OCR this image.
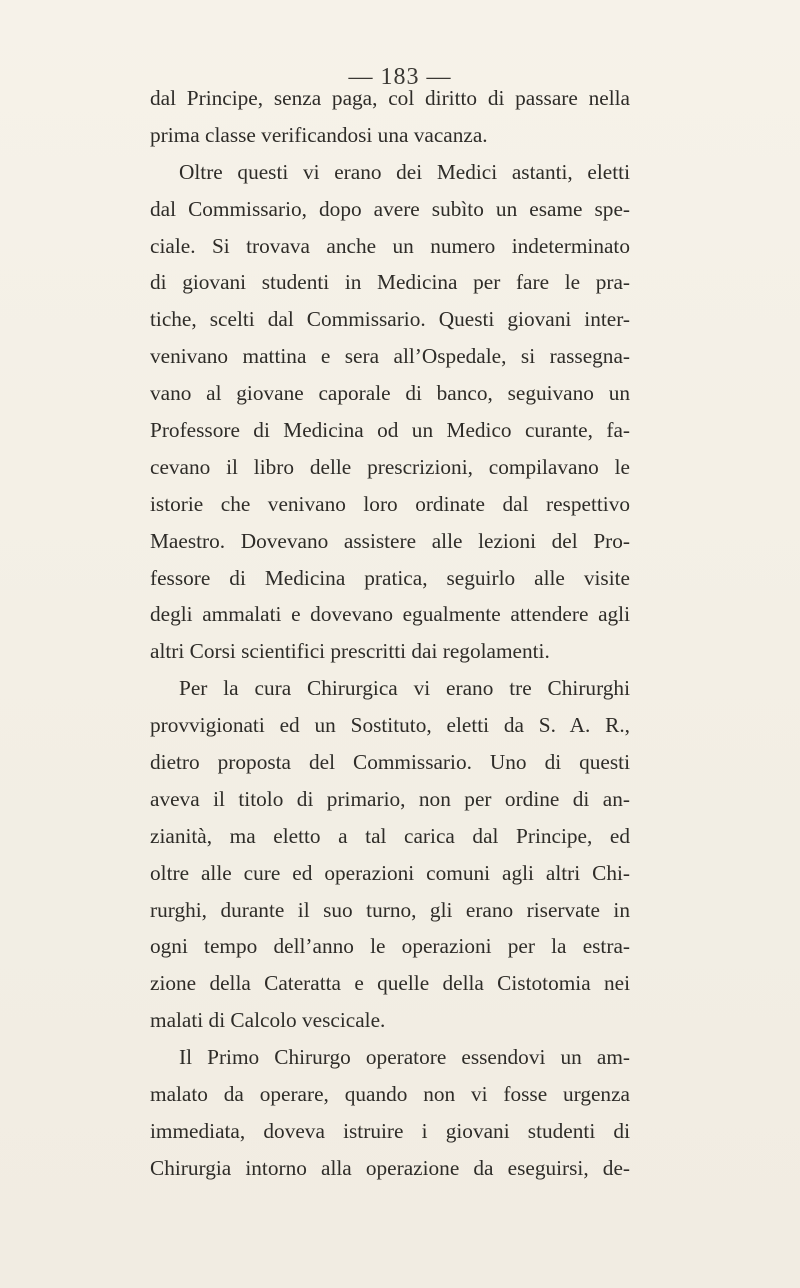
— 183 —
dal Principe, senza paga, col diritto di passare nella
prima classe verificandosi una vacanza.
Oltre questi vi erano dei Medici astanti, eletti
dal Commissario, dopo avere subìto un esame spe-
ciale. Si trovava anche un numero indeterminato
di giovani studenti in Medicina per fare le pra-
tiche, scelti dal Commissario. Questi giovani inter-
venivano mattina e sera all’Ospedale, si rassegna-
vano al giovane caporale di banco, seguivano un
Professore di Medicina od un Medico curante, fa-
cevano il libro delle prescrizioni, compilavano le
istorie che venivano loro ordinate dal respettivo
Maestro. Dovevano assistere alle lezioni del Pro-
fessore di Medicina pratica, seguirlo alle visite
degli ammalati e dovevano egualmente attendere agli
altri Corsi scientifici prescritti dai regolamenti.
Per la cura Chirurgica vi erano tre Chirurghi
provvigionati ed un Sostituto, eletti da S. A. R.,
dietro proposta del Commissario. Uno di questi
aveva il titolo di primario, non per ordine di an-
zianità, ma eletto a tal carica dal Principe, ed
oltre alle cure ed operazioni comuni agli altri Chi-
rurghi, durante il suo turno, gli erano riservate in
ogni tempo dell’anno le operazioni per la estra-
zione della Cateratta e quelle della Cistotomia nei
malati di Calcolo vescicale.
Il Primo Chirurgo operatore essendovi un am-
malato da operare, quando non vi fosse urgenza
immediata, doveva istruire i giovani studenti di
Chirurgia intorno alla operazione da eseguirsi, de-
